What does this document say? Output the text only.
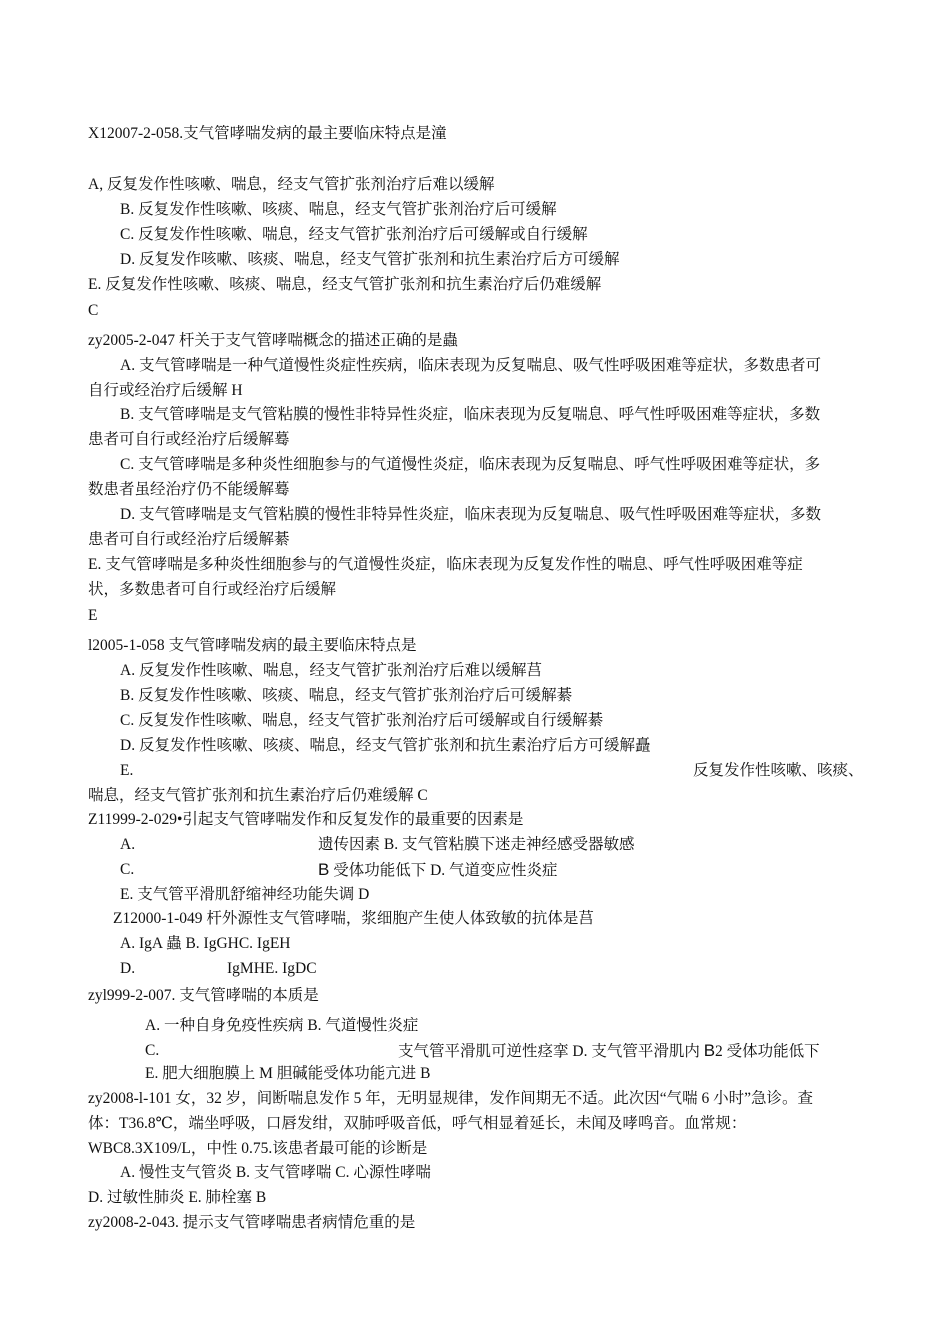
X12007-2-058.支气管哮喘发病的最主要临床特点是潼
A, 反复发作性咳嗽、喘息，经支气管扩张剂治疗后难以缓解
B. 反复发作性咳嗽、咳痰、喘息，经支气管扩张剂治疗后可缓解
C. 反复发作性咳嗽、喘息，经支气管扩张剂治疗后可缓解或自行缓解
D. 反复发作咳嗽、咳痰、喘息，经支气管扩张剂和抗生素治疗后方可缓解
E. 反复发作性咳嗽、咳痰、喘息，经支气管扩张剂和抗生素治疗后仍难缓解
C
zy2005-2-047 杆关于支气管哮喘概念的描述正确的是蟲
A. 支气管哮喘是一种气道慢性炎症性疾病，临床表现为反复喘息、吸气性呼吸困难等症状，多数患者可
自行或经治疗后缓解 H
B. 支气管哮喘是支气管粘膜的慢性非特异性炎症，临床表现为反复喘息、呼气性呼吸困难等症状，多数
患者可自行或经治疗后缓解蓦
C. 支气管哮喘是多种炎性细胞参与的气道慢性炎症，临床表现为反复喘息、呼气性呼吸困难等症状，多
数患者虽经治疗仍不能缓解蓦
D. 支气管哮喘是支气管粘膜的慢性非特异性炎症，临床表现为反复喘息、吸气性呼吸困难等症状，多数
患者可自行或经治疗后缓解綦
E. 支气管哮喘是多种炎性细胞参与的气道慢性炎症，临床表现为反复发作性的喘息、呼气性呼吸困难等症
状，多数患者可自行或经治疗后缓解
E
l2005-1-058 支气管哮喘发病的最主要临床特点是
A. 反复发作性咳嗽、喘息，经支气管扩张剂治疗后难以缓解莒
B. 反复发作性咳嗽、咳痰、喘息，经支气管扩张剂治疗后可缓解綦
C. 反复发作性咳嗽、喘息，经支气管扩张剂治疗后可缓解或自行缓解綦
D. 反复发作性咳嗽、咳痰、喘息，经支气管扩张剂和抗生素治疗后方可缓解矗
E.	反复发作性咳嗽、咳痰、
喘息，经支气管扩张剂和抗生素治疗后仍难缓解 C
Z11999-2-029•引起支气管哮喘发作和反复发作的最重要的因素是
A.	遗传因素 B. 支气管粘膜下迷走神经感受器敏感
C.	B 受体功能低下 D. 气道变应性炎症
E. 支气管平滑肌舒缩神经功能失调 D
Z12000-1-049 杆外源性支气管哮喘，浆细胞产生使人体致敏的抗体是莒
A. IgA 蟲 B. IgGHC. IgEH
D.	IgMHE. IgDC
zyl999-2-007. 支气管哮喘的本质是
A. 一种自身免疫性疾病 B. 气道慢性炎症
C.	支气管平滑肌可逆性痉挛 D. 支气管平滑肌内 B2 受体功能低下
E. 肥大细胞膜上 M 胆碱能受体功能亢进 B
zy2008-l-101 女，32 岁，间断喘息发作 5 年，无明显规律，发作间期无不适。此次因“气喘 6 小时”急诊。查
体：T36.8℃，端坐呼吸，口唇发绀，双肺呼吸音低，呼气相显着延长，未闻及哮鸣音。血常规：
WBC8.3X109/L，中性 0.75.该患者最可能的诊断是
A. 慢性支气管炎 B. 支气管哮喘 C. 心源性哮喘
D. 过敏性肺炎 E. 肺栓塞 B
zy2008-2-043. 提示支气管哮喘患者病情危重的是
